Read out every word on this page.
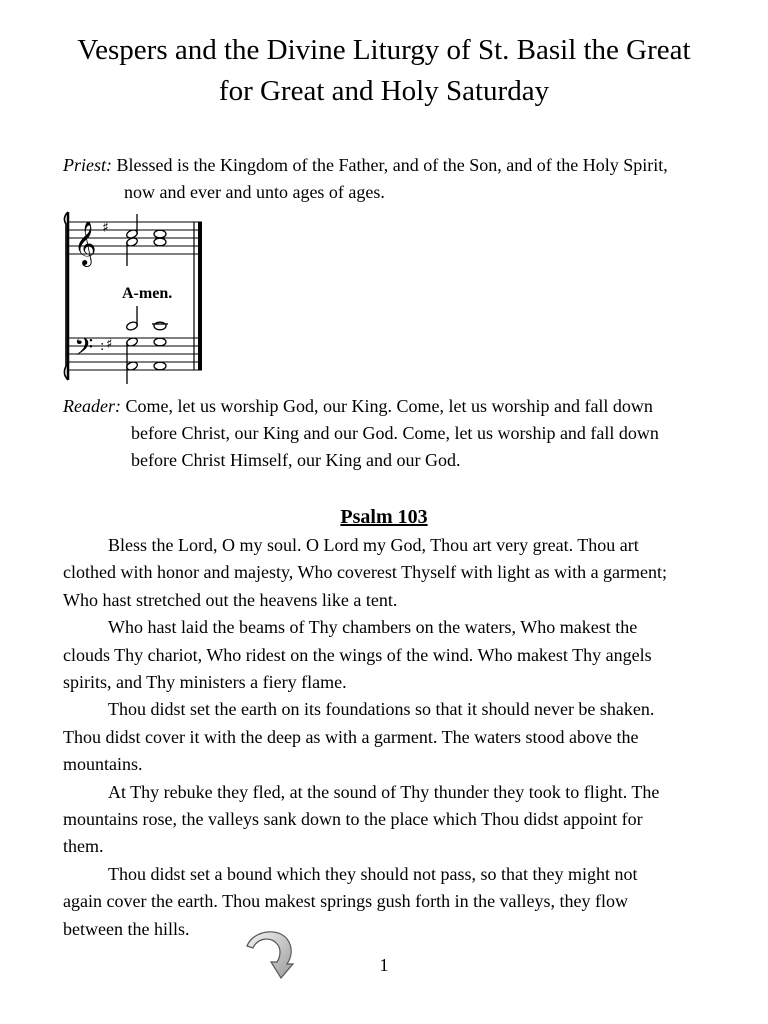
Vespers and the Divine Liturgy of St. Basil the Great
for Great and Holy Saturday
Priest: Blessed is the Kingdom of the Father, and of the Son, and of the Holy Spirit,
now and ever and unto ages of ages.
𝄞 ♯
A-men.
𝄢 : ♯
Reader: Come, let us worship God, our King. Come, let us worship and fall down
before Christ, our King and our God. Come, let us worship and fall down
before Christ Himself, our King and our God.
Psalm 103
Bless the Lord, O my soul. O Lord my God, Thou art very great. Thou art
clothed with honor and majesty, Who coverest Thyself with light as with a garment;
Who hast stretched out the heavens like a tent.
Who hast laid the beams of Thy chambers on the waters, Who makest the
clouds Thy chariot, Who ridest on the wings of the wind. Who makest Thy angels
spirits, and Thy ministers a fiery flame.
Thou didst set the earth on its foundations so that it should never be shaken.
Thou didst cover it with the deep as with a garment. The waters stood above the
mountains.
At Thy rebuke they fled, at the sound of Thy thunder they took to flight. The
mountains rose, the valleys sank down to the place which Thou didst appoint for
them.
Thou didst set a bound which they should not pass, so that they might not
again cover the earth. Thou makest springs gush forth in the valleys, they flow
between the hills.
1
